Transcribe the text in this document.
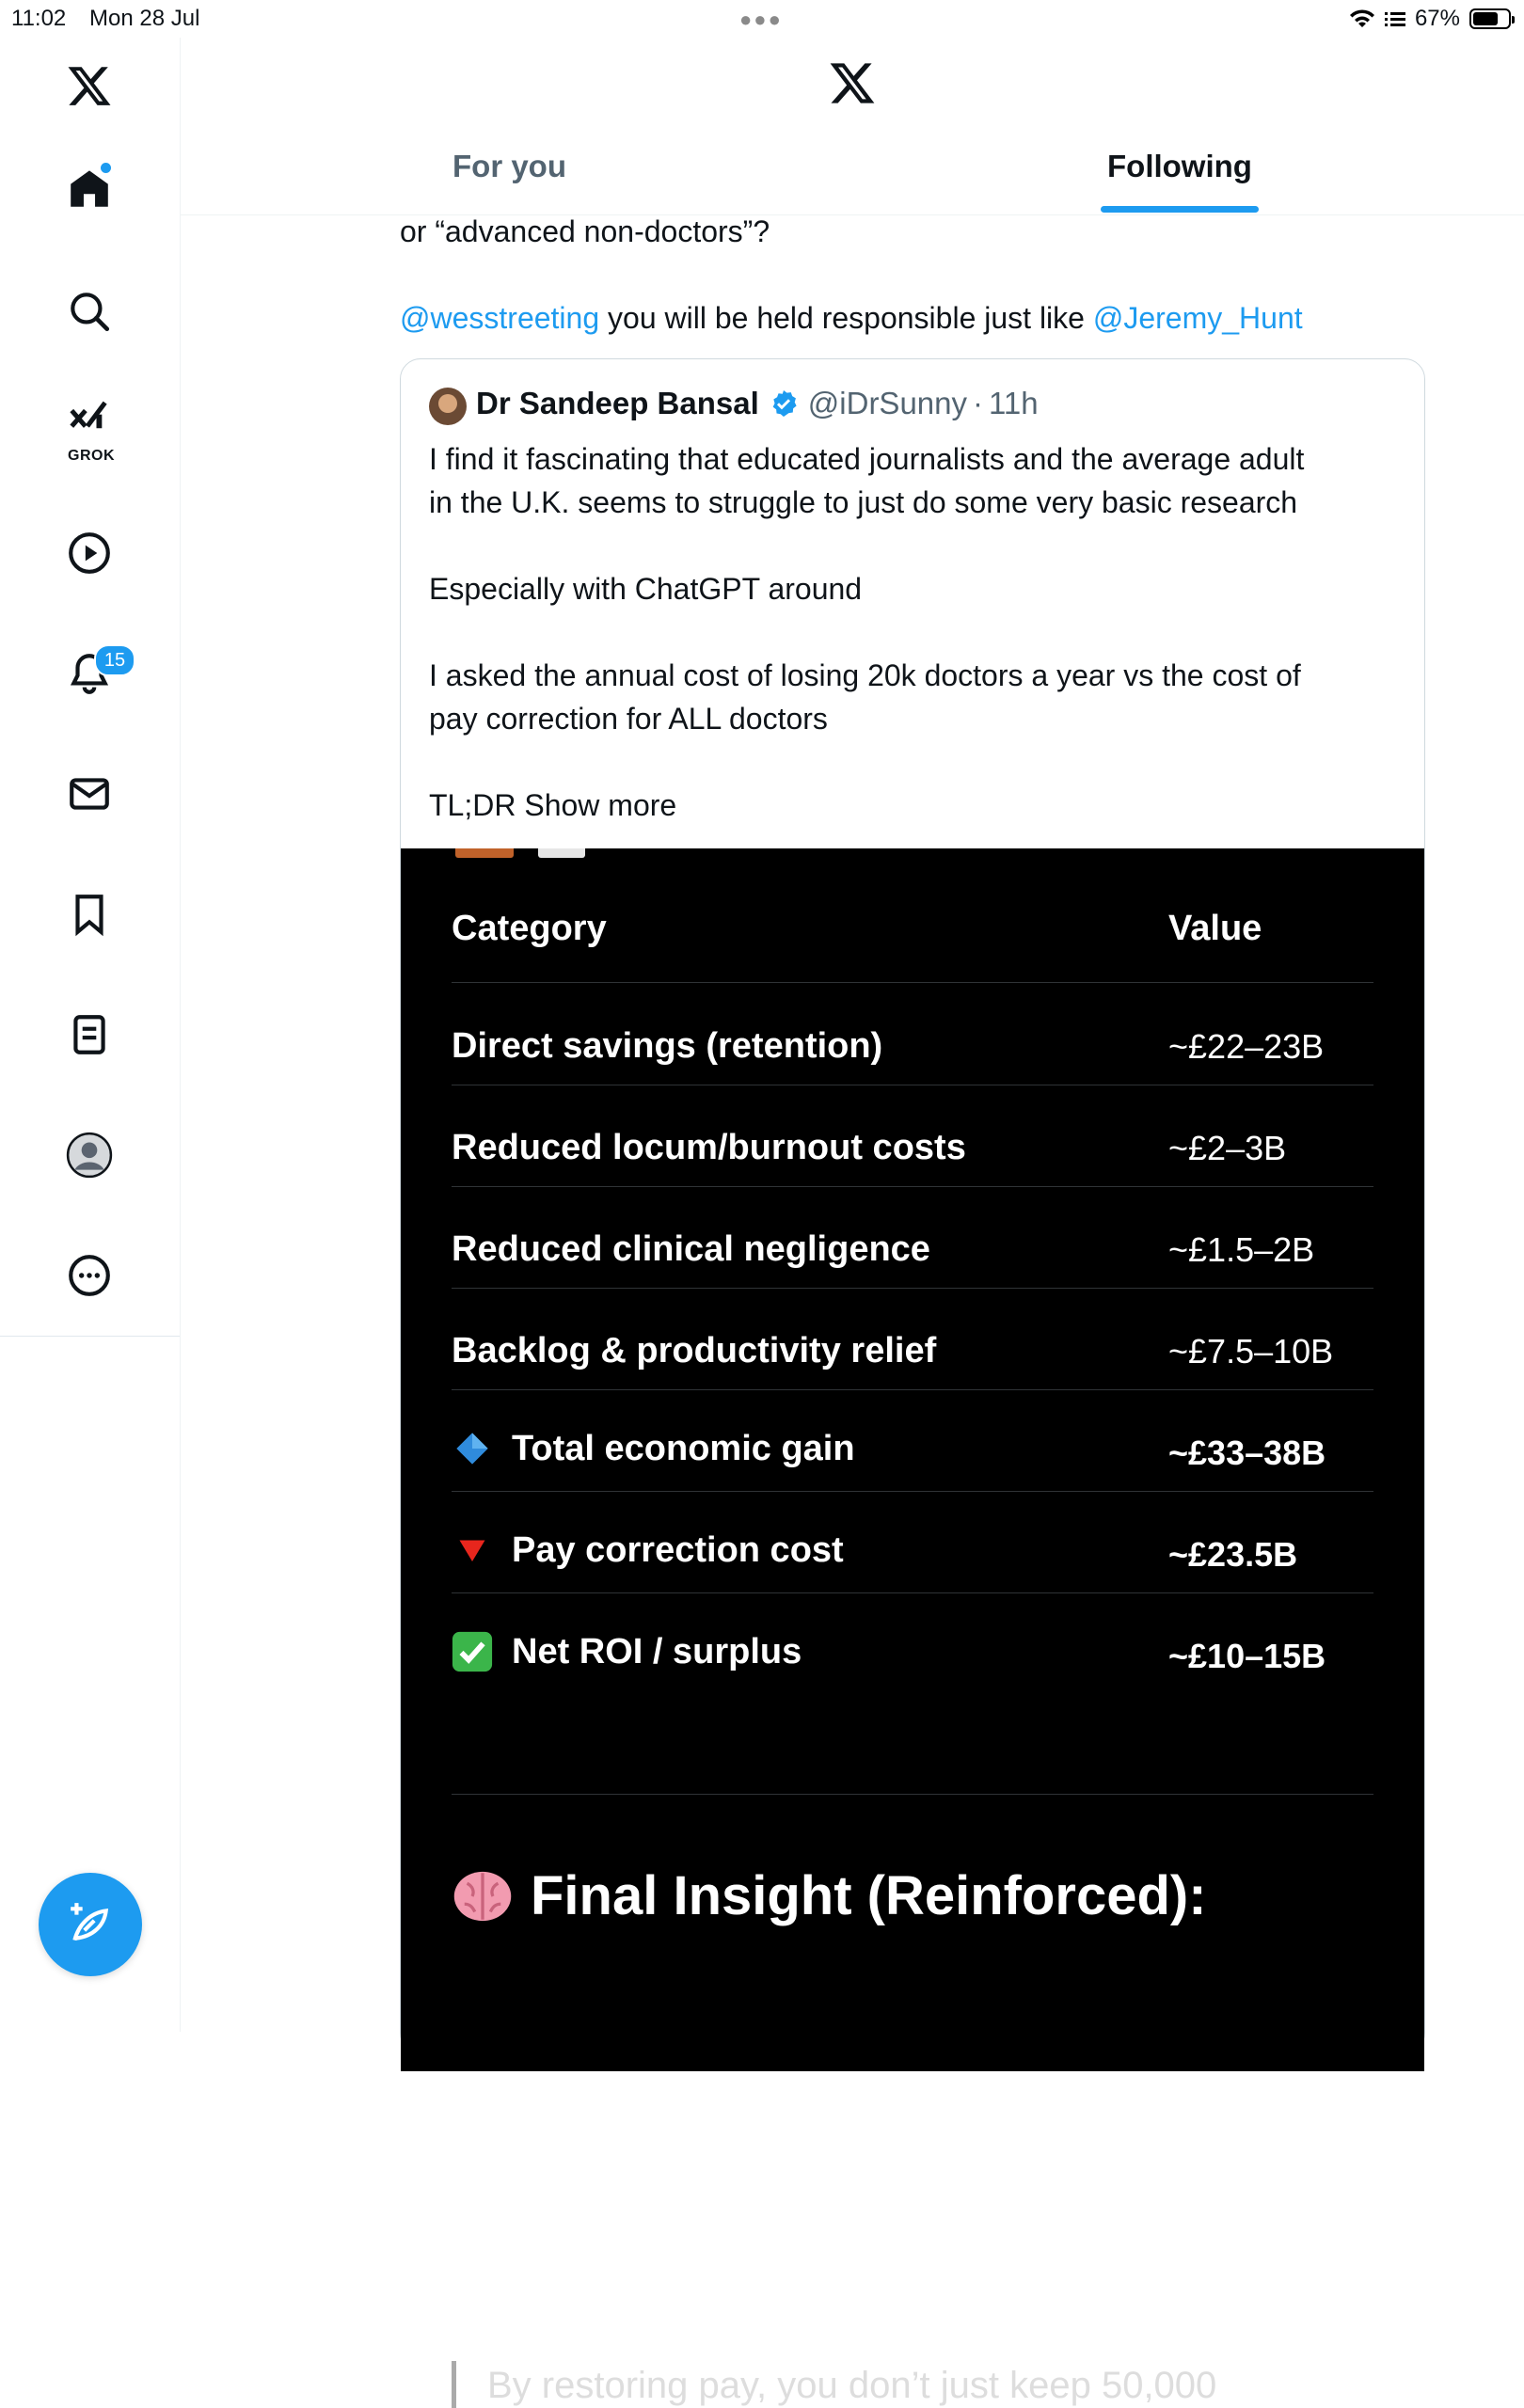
11:02 Mon 28 Jul	●●●	67%
GROK
15
For you	Following
or “advanced non-doctors”?
@wesstreeting you will be held responsible just like @Jeremy_Hunt
Dr Sandeep Bansal @iDrSunny · 11h
I find it fascinating that educated journalists and the average adult
in the U.K. seems to struggle to just do some very basic research
Especially with ChatGPT around
I asked the annual cost of losing 20k doctors a year vs the cost of
pay correction for ALL doctors
TL;DR Show more
Category	Value
Direct savings (retention)	~£22–23B
Reduced locum/burnout costs	~£2–3B
Reduced clinical negligence	~£1.5–2B
Backlog & productivity relief	~£7.5–10B
Total economic gain	~£33–38B
Pay correction cost	~£23.5B
Net ROI / surplus	~£10–15B
Final Insight (Reinforced):
By restoring pay, you don’t just keep 50,000
